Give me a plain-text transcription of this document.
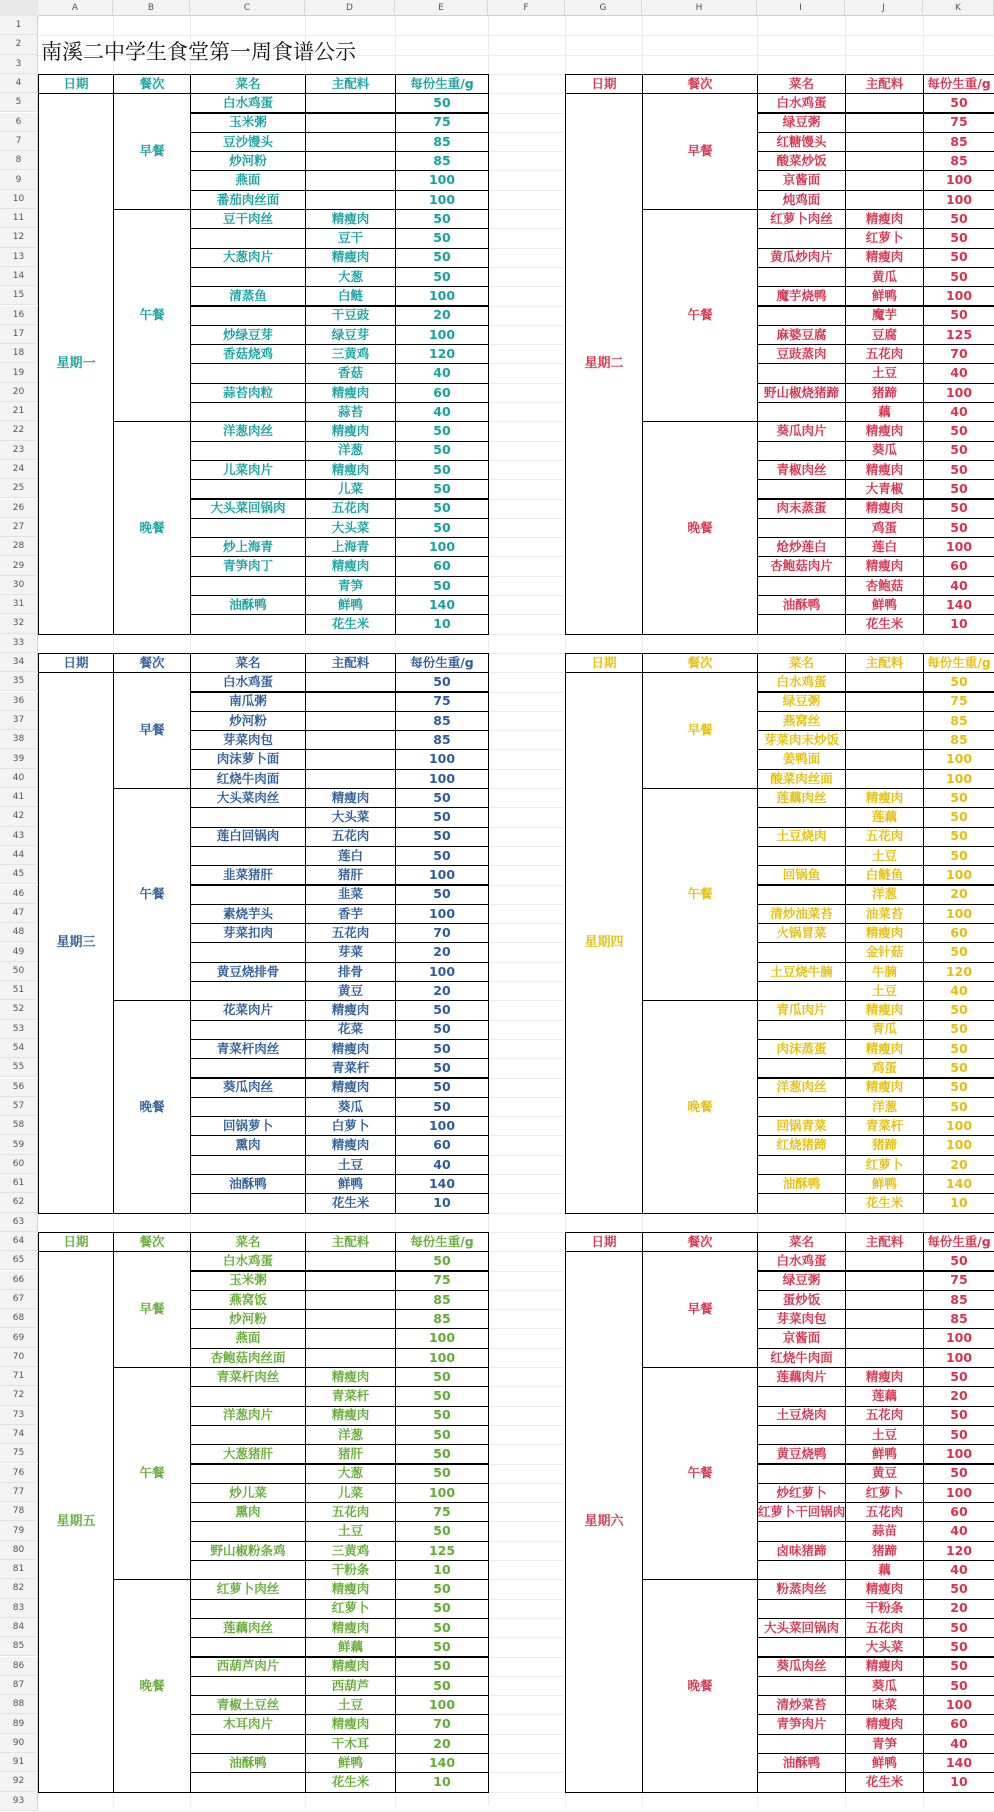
A	B	C	D	E	F	G	H	I	J	K
1
2
3
4
5
6
7
8
9
10
11
12
13
14
15
16
17
18
19
20
21
22
23
24
25
26
27
28
29
30
31
32
33
34
35
36
37
38
39
40
41
42
43
44
45
46
47
48
49
50
51
52
53
54
55
56
57
58
59
60
61
62
63
64
65
66
67
68
69
70
71
72
73
74
75
76
77
78
79
80
81
82
83
84
85
86
87
88
89
90
91
92
93
南溪二中学生食堂第一周食谱公示
日期	餐次	菜名	主配料	每份生重/g
星期一
早餐
白水鸡蛋	50
玉米粥	75
豆沙馒头	85
炒河粉	85
燕面	100
番茄肉丝面	100
午餐
豆干肉丝	精瘦肉	50
豆干	50
大葱肉片	精瘦肉	50
大葱	50
清蒸鱼	白鲢	100
干豆豉	20
炒绿豆芽	绿豆芽	100
香菇烧鸡	三黄鸡	120
香菇	40
蒜苔肉粒	精瘦肉	60
蒜苔	40
晚餐
洋葱肉丝	精瘦肉	50
洋葱	50
儿菜肉片	精瘦肉	50
儿菜	50
大头菜回锅肉	五花肉	50
大头菜	50
炒上海青	上海青	100
青笋肉丁	精瘦肉	60
青笋	50
油酥鸭	鲜鸭	140
花生米	10
日期	餐次	菜名	主配料	每份生重/g
星期二
早餐
白水鸡蛋	50
绿豆粥	75
红糖馒头	85
酸菜炒饭	85
京酱面	100
炖鸡面	100
午餐
红萝卜肉丝	精瘦肉	50
红萝卜	50
黄瓜炒肉片	精瘦肉	50
黄瓜	50
魔芋烧鸭	鲜鸭	100
魔芋	50
麻婆豆腐	豆腐	125
豆豉蒸肉	五花肉	70
土豆	40
野山椒烧猪蹄	猪蹄	100
藕	40
晚餐
葵瓜肉片	精瘦肉	50
葵瓜	50
青椒肉丝	精瘦肉	50
大青椒	50
肉末蒸蛋	精瘦肉	50
鸡蛋	50
炝炒莲白	莲白	100
杏鲍菇肉片	精瘦肉	60
杏鲍菇	40
油酥鸭	鲜鸭	140
花生米	10
日期	餐次	菜名	主配料	每份生重/g
星期三
早餐
白水鸡蛋	50
南瓜粥	75
炒河粉	85
芽菜肉包	85
肉沫萝卜面	100
红烧牛肉面	100
午餐
大头菜肉丝	精瘦肉	50
大头菜	50
莲白回锅肉	五花肉	50
莲白	50
韭菜猪肝	猪肝	100
韭菜	50
素烧芋头	香芋	100
芽菜扣肉	五花肉	70
芽菜	20
黄豆烧排骨	排骨	100
黄豆	20
晚餐
花菜肉片	精瘦肉	50
花菜	50
青菜杆肉丝	精瘦肉	50
青菜杆	50
葵瓜肉丝	精瘦肉	50
葵瓜	50
回锅萝卜	白萝卜	100
熏肉	精瘦肉	60
土豆	40
油酥鸭	鲜鸭	140
花生米	10
日期	餐次	菜名	主配料	每份生重/g
星期四
早餐
白水鸡蛋	50
绿豆粥	75
燕窝丝	85
芽菜肉末炒饭	85
姜鸭面	100
酸菜肉丝面	100
午餐
莲藕肉丝	精瘦肉	50
莲藕	50
土豆烧肉	五花肉	50
土豆	50
回锅鱼	白鲢鱼	100
洋葱	20
清炒油菜苔	油菜苔	100
火锅冒菜	精瘦肉	60
金针菇	50
土豆烧牛腩	牛腩	120
土豆	40
晚餐
青瓜肉片	精瘦肉	50
青瓜	50
肉沫蒸蛋	精瘦肉	50
鸡蛋	50
洋葱肉丝	精瘦肉	50
洋葱	50
回锅青菜	青菜杆	100
红烧猪蹄	猪蹄	100
红萝卜	20
油酥鸭	鲜鸭	140
花生米	10
日期	餐次	菜名	主配料	每份生重/g
星期五
早餐
白水鸡蛋	50
玉米粥	75
燕窝饭	85
炒河粉	85
燕面	100
杏鲍菇肉丝面	100
午餐
青菜杆肉丝	精瘦肉	50
青菜杆	50
洋葱肉片	精瘦肉	50
洋葱	50
大葱猪肝	猪肝	50
大葱	50
炒儿菜	儿菜	100
熏肉	五花肉	75
土豆	50
野山椒粉条鸡	三黄鸡	125
干粉条	10
晚餐
红萝卜肉丝	精瘦肉	50
红萝卜	50
莲藕肉丝	精瘦肉	50
鲜藕	50
西葫芦肉片	精瘦肉	50
西葫芦	50
青椒土豆丝	土豆	100
木耳肉片	精瘦肉	70
干木耳	20
油酥鸭	鲜鸭	140
花生米	10
日期	餐次	菜名	主配料	每份生重/g
星期六
早餐
白水鸡蛋	50
绿豆粥	75
蛋炒饭	85
芽菜肉包	85
京酱面	100
红烧牛肉面	100
午餐
莲藕肉片	精瘦肉	50
莲藕	20
土豆烧肉	五花肉	50
土豆	50
黄豆烧鸭	鲜鸭	100
黄豆	50
炒红萝卜	红萝卜	100
红萝卜干回锅肉	五花肉	60
蒜苗	40
卤味猪蹄	猪蹄	120
藕	40
晚餐
粉蒸肉丝	精瘦肉	50
干粉条	20
大头菜回锅肉	五花肉	50
大头菜	50
葵瓜肉丝	精瘦肉	50
葵瓜	50
清炒菜苔	味菜	100
青笋肉片	精瘦肉	60
青笋	40
油酥鸭	鲜鸭	140
花生米	10
